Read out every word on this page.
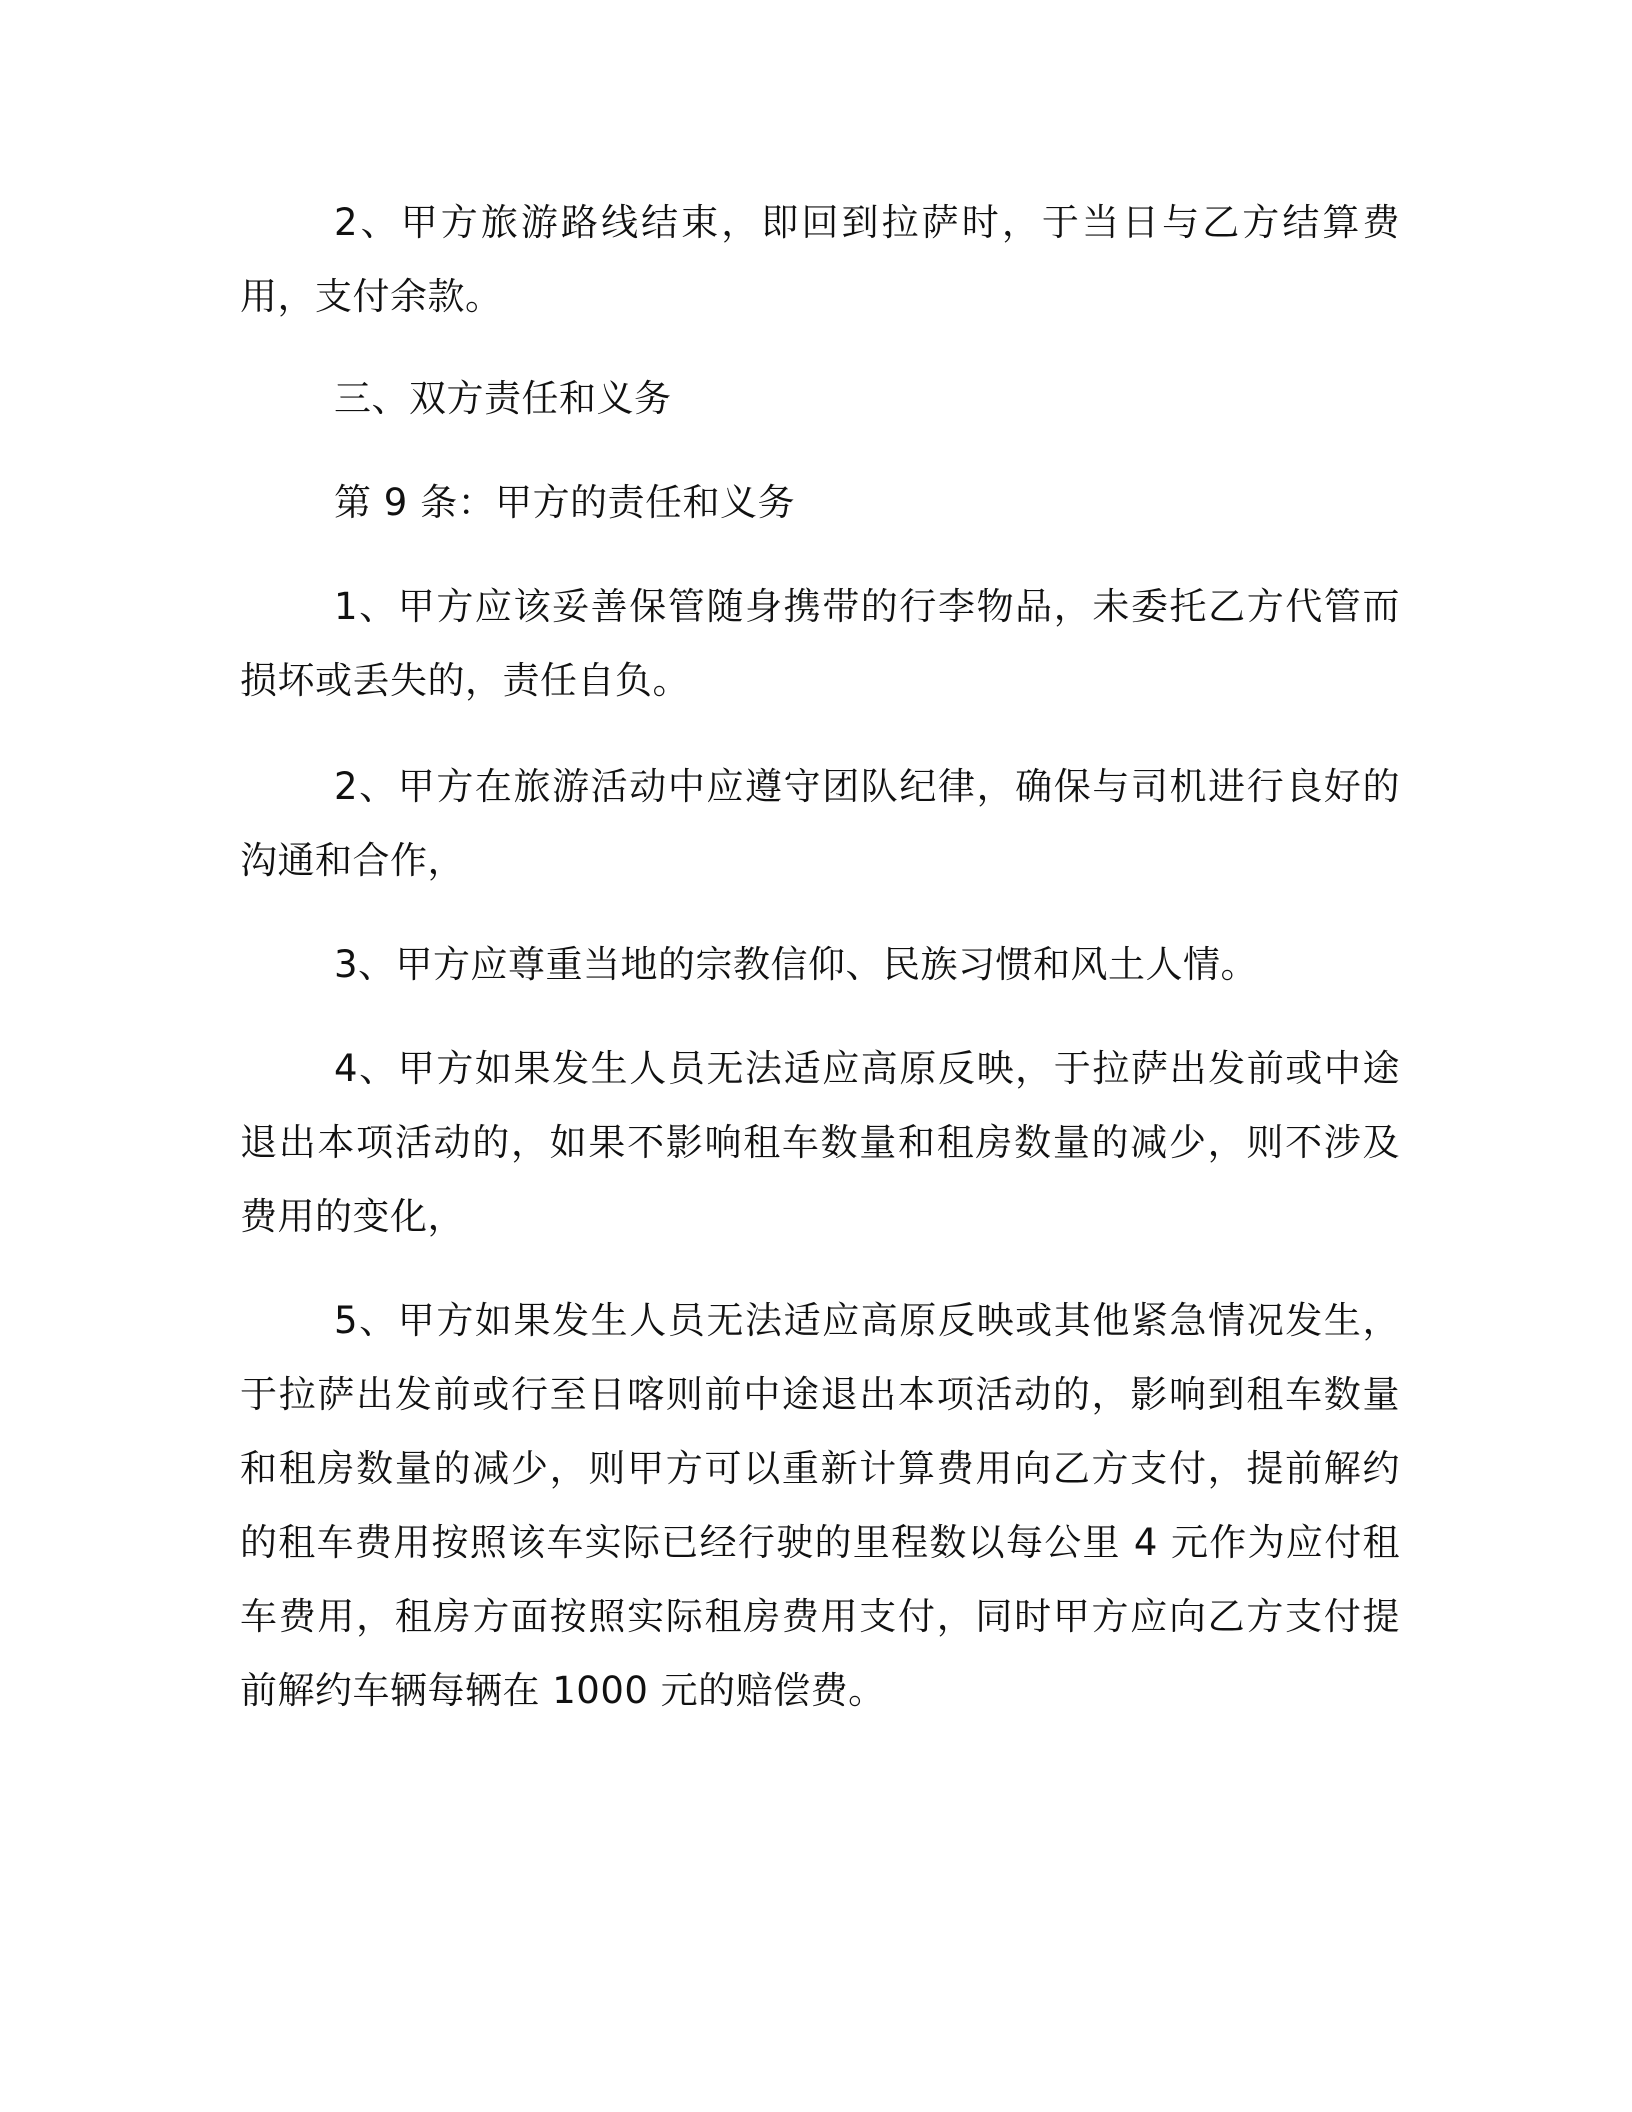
2、甲方旅游路线结束，即回到拉萨时，于当日与乙方结算费用，支付余款。

三、双方责任和义务

第 9 条：甲方的责任和义务

1、甲方应该妥善保管随身携带的行李物品，未委托乙方代管而损坏或丢失的，责任自负。

2、甲方在旅游活动中应遵守团队纪律，确保与司机进行良好的沟通和合作，

3、甲方应尊重当地的宗教信仰、民族习惯和风土人情。

4、甲方如果发生人员无法适应高原反映，于拉萨出发前或中途退出本项活动的，如果不影响租车数量和租房数量的减少，则不涉及费用的变化，

5、甲方如果发生人员无法适应高原反映或其他紧急情况发生，于拉萨出发前或行至日喀则前中途退出本项活动的，影响到租车数量和租房数量的减少，则甲方可以重新计算费用向乙方支付，提前解约的租车费用按照该车实际已经行驶的里程数以每公里 4 元作为应付租车费用，租房方面按照实际租房费用支付，同时甲方应向乙方支付提前解约车辆每辆在 1000 元的赔偿费。
